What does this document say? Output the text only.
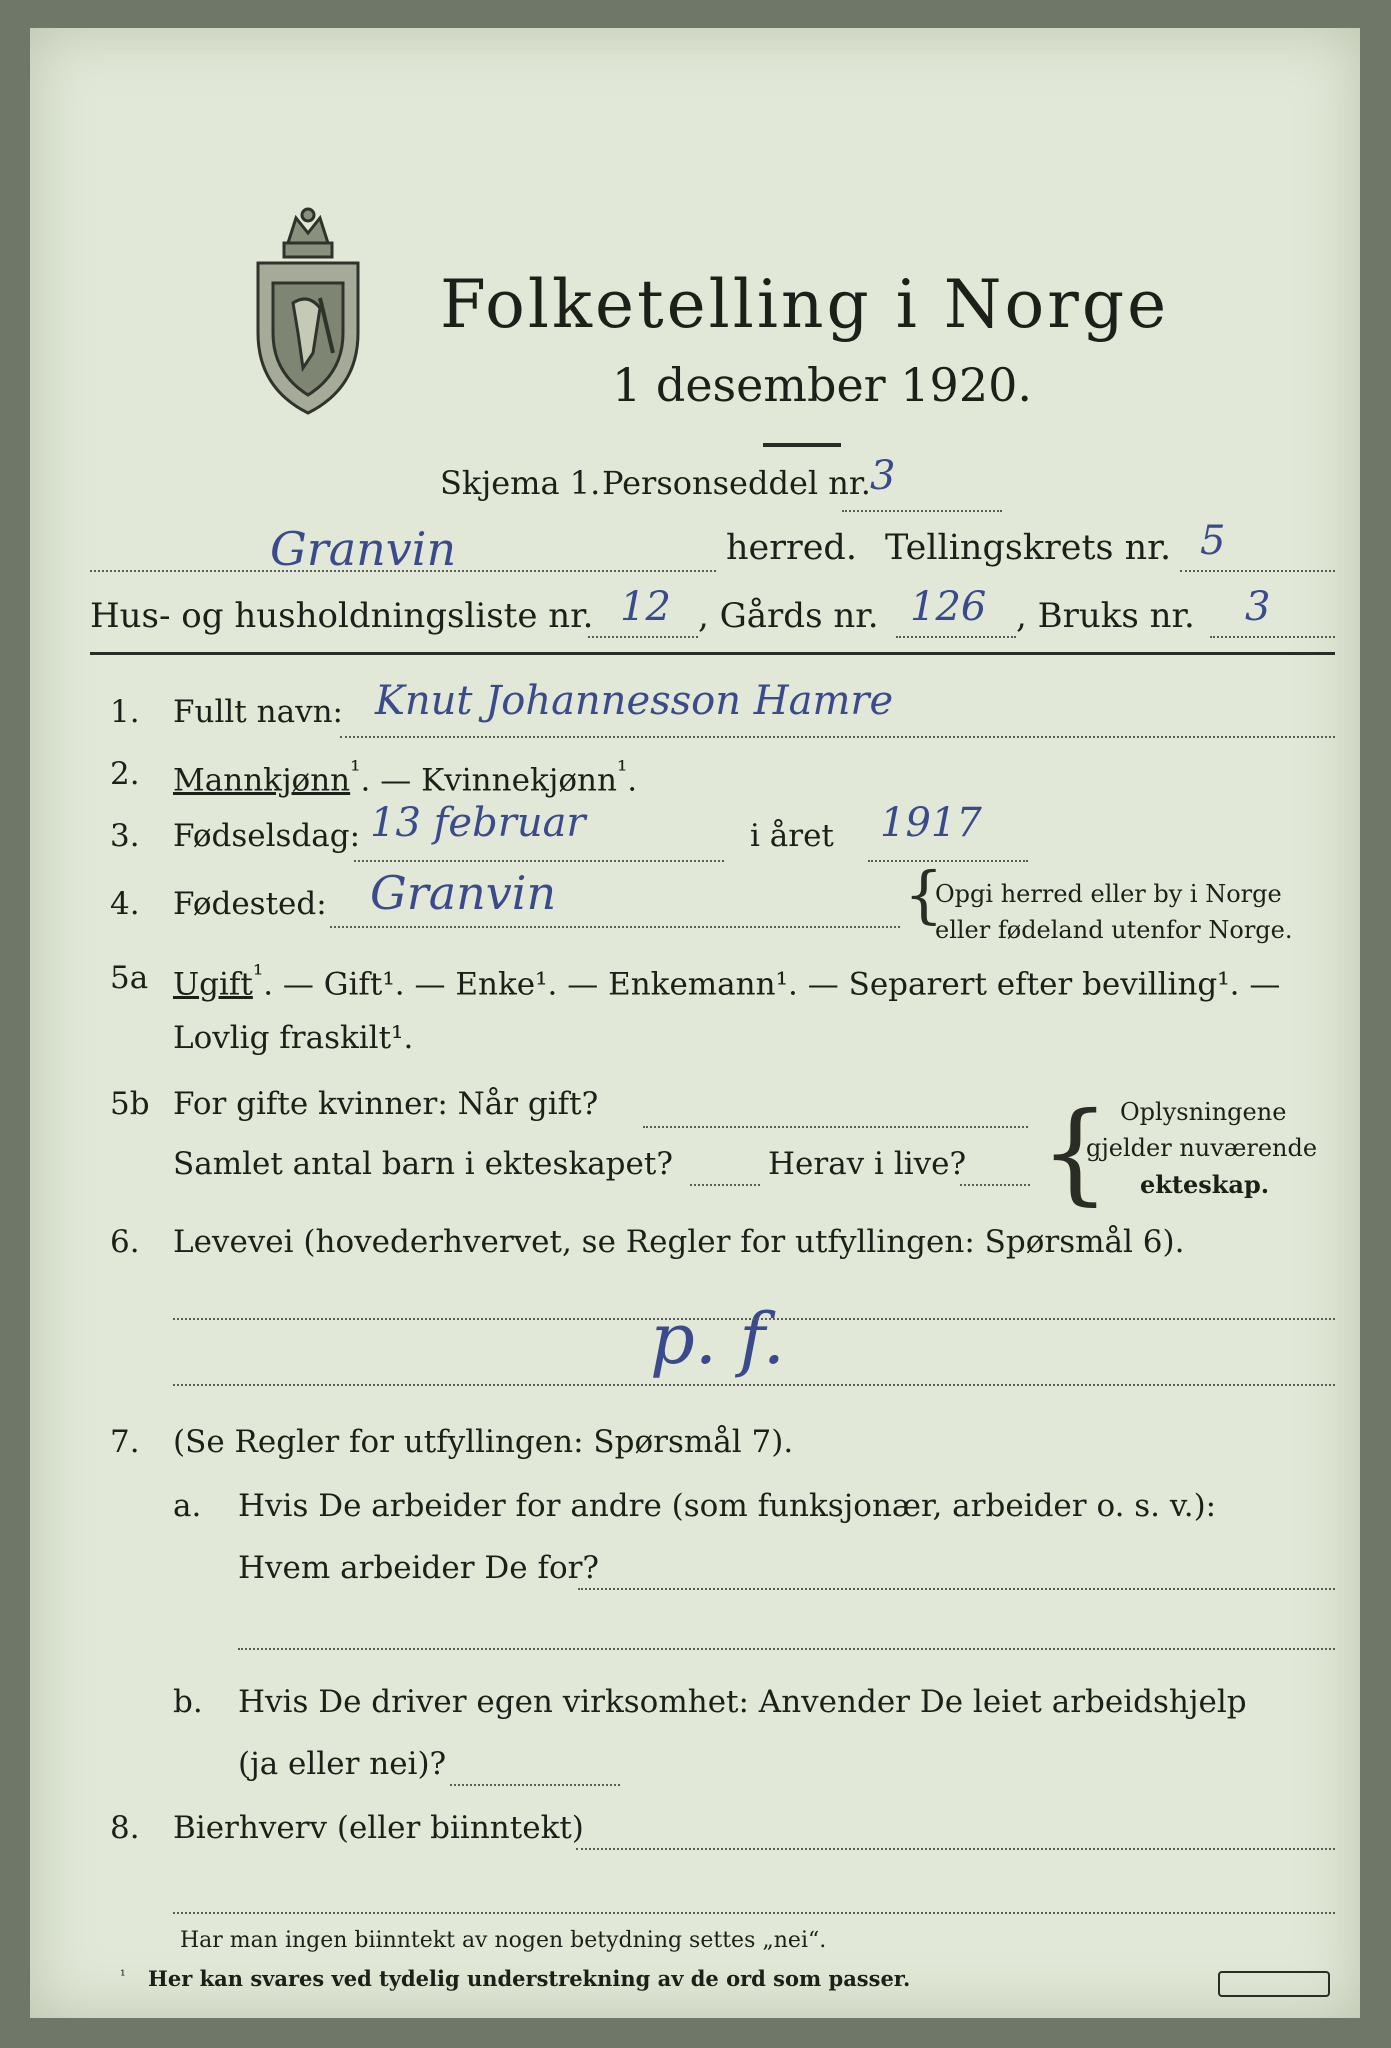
Folketelling i Norge
1 desember 1920.
Skjema 1. Personseddel nr. 3
Granvin	herred. Tellingskrets nr. 5
Hus- og husholdningsliste nr. 12 , Gårds nr. 126 , Bruks nr. 3
1. Fullt navn: Knut Johannesson Hamre
2. Mannkjønn$^{^1}$. — Kvinnekjønn$^{^1}$.
3. Fødselsdag: 13 februar	i året 1917
4. Fødested: Granvin	{
Opgi herred eller by i Norge
eller fødeland utenfor Norge.
5a Ugift$^{^1}$. — Gift¹. — Enke¹. — Enkemann¹. — Separert efter bevilling¹. —
Lovlig fraskilt¹.
5b For gifte kvinner: Når gift?
Samlet antal barn i ekteskapet?	Herav i live? { Oplysningene
gjelder nuværende
ekteskap.
6. Levevei (hovederhvervet, se Regler for utfyllingen: Spørsmål 6).
p. f.
7. (Se Regler for utfyllingen: Spørsmål 7).
a. Hvis De arbeider for andre (som funksjonær, arbeider o. s. v.):
Hvem arbeider De for?
b. Hvis De driver egen virksomhet: Anvender De leiet arbeidshjelp
(ja eller nei)?
8. Bierhverv (eller biinntekt)
Har man ingen biinntekt av nogen betydning settes „nei“.
¹ Her kan svares ved tydelig understrekning av de ord som passer.
